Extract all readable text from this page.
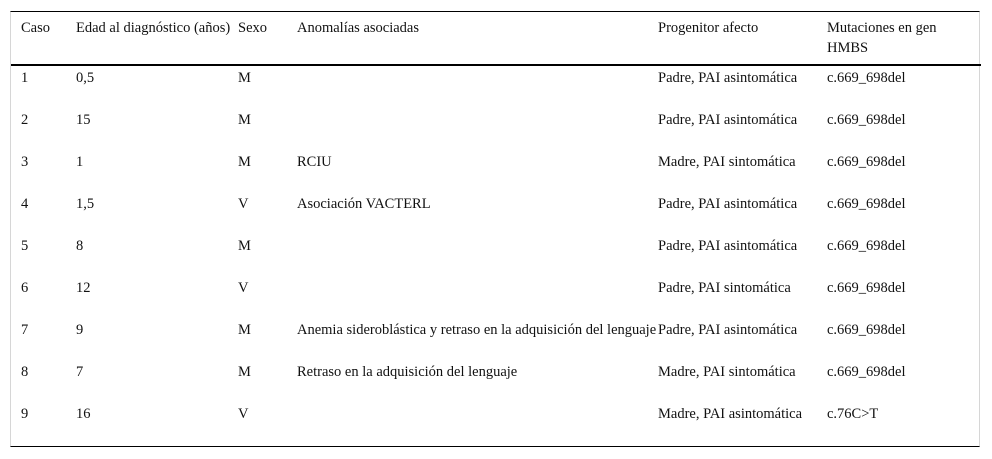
Caso	Edad al diagnóstico (años)	Sexo	Anomalías asociadas	Progenitor afecto	Mutaciones en gen HMBS
1	0,5	M		Padre, PAI asintomática	c.669_698del
2	15	M		Padre, PAI asintomática	c.669_698del
3	1	M	RCIU	Madre, PAI sintomática	c.669_698del
4	1,5	V	Asociación VACTERL	Padre, PAI asintomática	c.669_698del
5	8	M		Padre, PAI asintomática	c.669_698del
6	12	V		Padre, PAI sintomática	c.669_698del
7	9	M	Anemia sideroblástica y retraso en la adquisición del lenguaje	Padre, PAI asintomática	c.669_698del
8	7	M	Retraso en la adquisición del lenguaje	Madre, PAI sintomática	c.669_698del
9	16	V		Madre, PAI asintomática	c.76C>T
